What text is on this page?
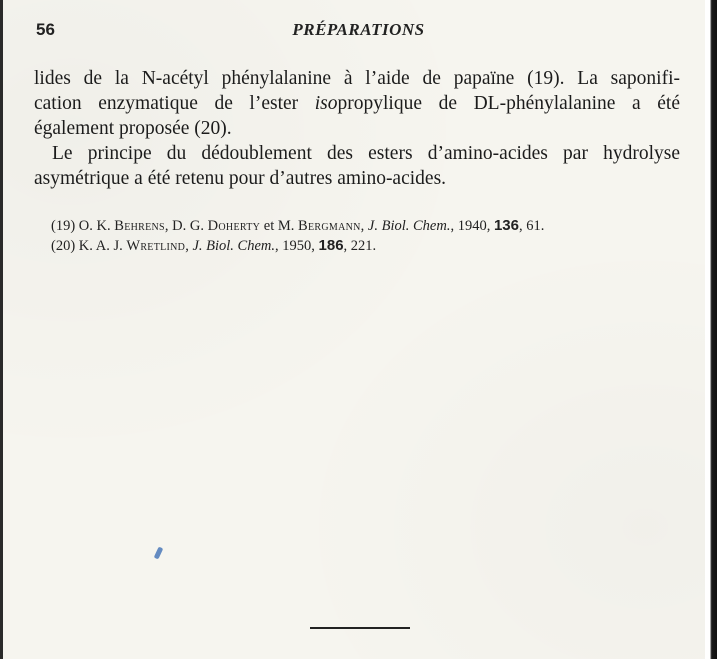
56	PRÉPARATIONS
lides de la N-acétyl phénylalanine à l’aide de papaïne (19). La saponifi-
cation enzymatique de l’ester isopropylique de DL-phénylalanine a été
également proposée (20).
Le principe du dédoublement des esters d’amino-acides par hydrolyse
asymétrique a été retenu pour d’autres amino-acides.
(19) O. K. Behrens, D. G. Doherty et M. Bergmann, J. Biol. Chem., 1940, 136, 61.
(20) K. A. J. Wretlind, J. Biol. Chem., 1950, 186, 221.
